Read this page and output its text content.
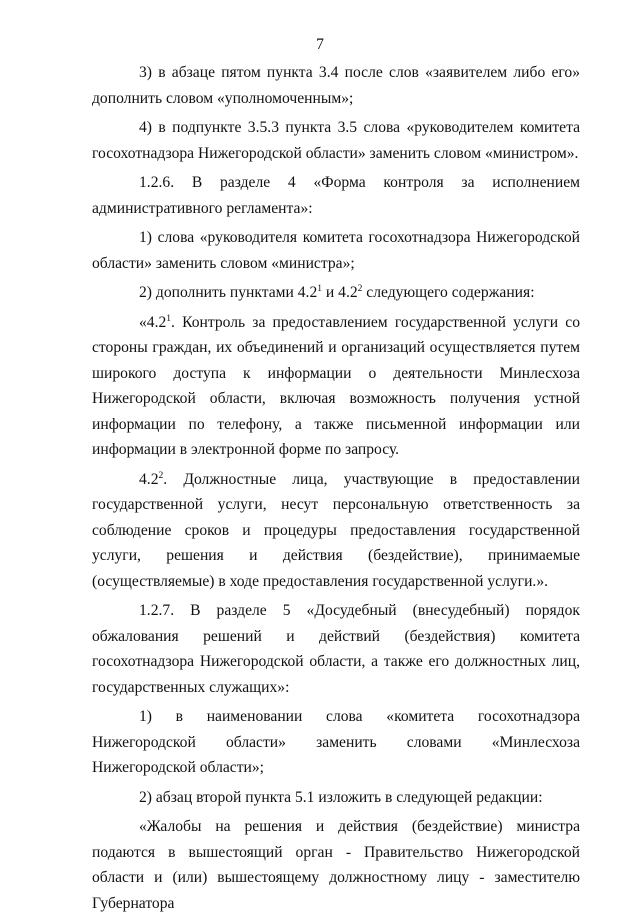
7

3) в абзаце пятом пункта 3.4 после слов «заявителем либо его» дополнить словом «уполномоченным»;

4) в подпункте 3.5.3 пункта 3.5 слова «руководителем комитета госохотнадзора Нижегородской области» заменить словом «министром».

1.2.6. В разделе 4 «Форма контроля за исполнением административного регламента»:

1) слова «руководителя комитета госохотнадзора Нижегородской области» заменить словом «министра»;

2) дополнить пунктами $4.2^1$ и $4.2^2$ следующего содержания:

«$4.2^1$. Контроль за предоставлением государственной услуги со стороны граждан, их объединений и организаций осуществляется путем широкого доступа к информации о деятельности Минлесхоза Нижегородской области, включая возможность получения устной информации по телефону, а также письменной информации или информации в электронной форме по запросу.

$4.2^2$. Должностные лица, участвующие в предоставлении государственной услуги, несут персональную ответственность за соблюдение сроков и процедуры предоставления государственной услуги, решения и действия (бездействие), принимаемые (осуществляемые) в ходе предоставления государственной услуги.».

1.2.7. В разделе 5 «Досудебный (внесудебный) порядок обжалования решений и действий (бездействия) комитета госохотнадзора Нижегородской области, а также его должностных лиц, государственных служащих»:

1) в наименовании слова «комитета госохотнадзора Нижегородской области» заменить словами «Минлесхоза Нижегородской области»;

2) абзац второй пункта 5.1 изложить в следующей редакции:

«Жалобы на решения и действия (бездействие) министра подаются в вышестоящий орган - Правительство Нижегородской области и (или) вышестоящему должностному лицу - заместителю Губернатора
